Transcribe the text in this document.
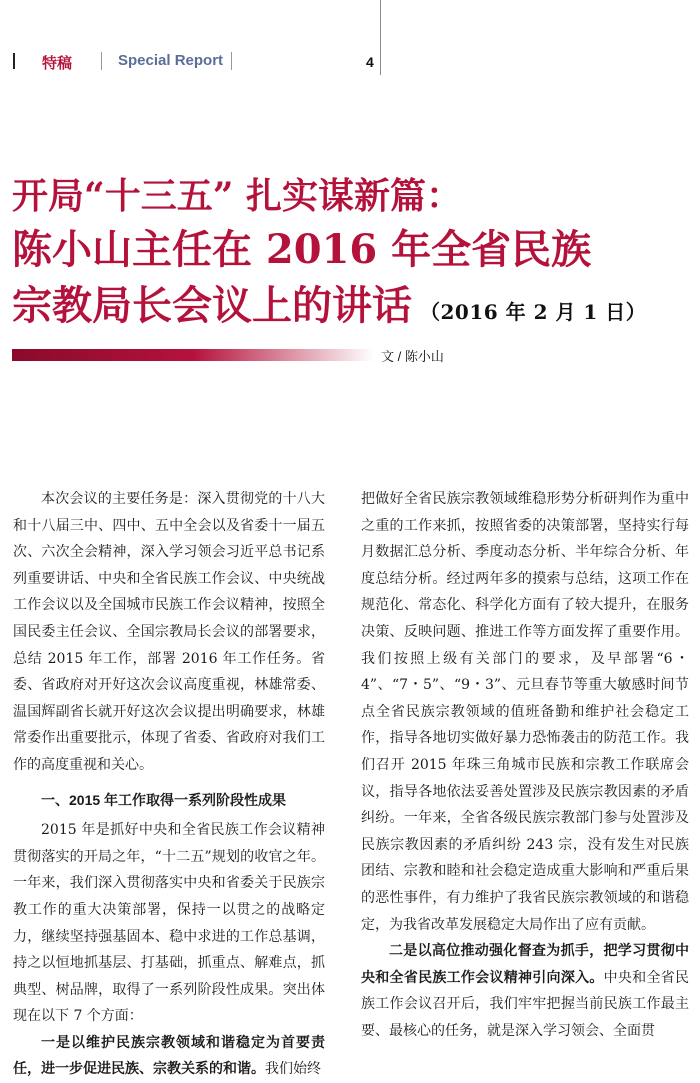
特稿	Special Report	4
开局“十三五” 扎实谋新篇：
陈小山主任在 2016 年全省民族
宗教局长会议上的讲话 （2016 年 2 月 1 日）
文 / 陈小山

本次会议的主要任务是：深入贯彻党的十八大和十八届三中、四中、五中全会以及省委十一届五次、六次全会精神，深入学习领会习近平总书记系列重要讲话、中央和全省民族工作会议、中央统战工作会议以及全国城市民族工作会议精神，按照全国民委主任会议、全国宗教局长会议的部署要求，总结 2015 年工作，部署 2016 年工作任务。省委、省政府对开好这次会议高度重视，林雄常委、温国辉副省长就开好这次会议提出明确要求，林雄常委作出重要批示，体现了省委、省政府对我们工作的高度重视和关心。

一、2015 年工作取得一系列阶段性成果

2015 年是抓好中央和全省民族工作会议精神贯彻落实的开局之年，“十二五”规划的收官之年。一年来，我们深入贯彻落实中央和省委关于民族宗教工作的重大决策部署，保持一以贯之的战略定力，继续坚持强基固本、稳中求进的工作总基调，持之以恒地抓基层、打基础，抓重点、解难点，抓典型、树品牌，取得了一系列阶段性成果。突出体现在以下 7 个方面：

一是以维护民族宗教领域和谐稳定为首要责任，进一步促进民族、宗教关系的和谐。我们始终

把做好全省民族宗教领域维稳形势分析研判作为重中之重的工作来抓，按照省委的决策部署，坚持实行每月数据汇总分析、季度动态分析、半年综合分析、年度总结分析。经过两年多的摸索与总结，这项工作在规范化、常态化、科学化方面有了较大提升，在服务决策、反映问题、推进工作等方面发挥了重要作用。我们按照上级有关部门的要求，及早部署“6・4”、“7・5”、“9・3”、元旦春节等重大敏感时间节点全省民族宗教领域的值班备勤和维护社会稳定工作，指导各地切实做好暴力恐怖袭击的防范工作。我们召开 2015 年珠三角城市民族和宗教工作联席会议，指导各地依法妥善处置涉及民族宗教因素的矛盾纠纷。一年来，全省各级民族宗教部门参与处置涉及民族宗教因素的矛盾纠纷 243 宗，没有发生对民族团结、宗教和睦和社会稳定造成重大影响和严重后果的恶性事件，有力维护了我省民族宗教领域的和谐稳定，为我省改革发展稳定大局作出了应有贡献。

二是以高位推动强化督查为抓手，把学习贯彻中央和全省民族工作会议精神引向深入。中央和全省民族工作会议召开后，我们牢牢把握当前民族工作最主要、最核心的任务，就是深入学习领会、全面贯
